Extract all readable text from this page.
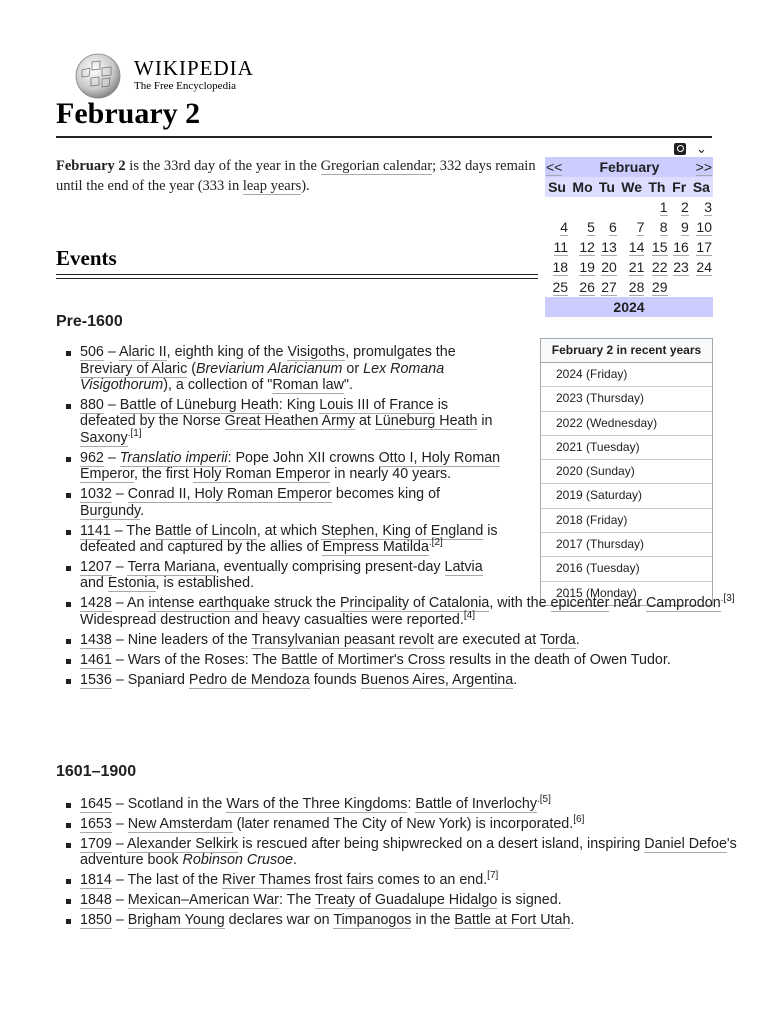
WIKIPEDIA
The Free Encyclopedia
February 2
⌄

February 2 is the 33rd day of the year in the Gregorian calendar; 332 days remain until the end of the year (333 in leap years).

<<	February					>>
Su	Mo	Tu	We	Th	Fr	Sa
				1	2	3
4	5	6	7	8	9	10
11	12	13	14	15	16	17
18	19	20	21	22	23	24
25	26	27	28	29		
2024						
February 2 in recent years
2024 (Friday)
2023 (Thursday)
2022 (Wednesday)
2021 (Tuesday)
2020 (Sunday)
2019 (Saturday)
2018 (Friday)
2017 (Thursday)
2016 (Tuesday)
2015 (Monday)
Events
Pre-1600
506 – Alaric II, eighth king of the Visigoths, promulgates the Breviary of Alaric (Breviarium Alaricianum or Lex Romana Visigothorum), a collection of "Roman law".
880 – Battle of Lüneburg Heath: King Louis III of France is defeated by the Norse Great Heathen Army at Lüneburg Heath in Saxony$^{.[1]}$
962 – Translatio imperii: Pope John XII crowns Otto I, Holy Roman Emperor, the first Holy Roman Emperor in nearly 40 years.
1032 – Conrad II, Holy Roman Emperor becomes king of Burgundy.
1141 – The Battle of Lincoln, at which Stephen, King of England is defeated and captured by the allies of Empress Matilda$^{.[2]}$
1207 – Terra Mariana, eventually comprising present-day Latvia and Estonia, is established.
1428 – An intense earthquake struck the Principality of Catalonia, with the epicenter near Camprodon$^{.[3]}$ Widespread destruction and heavy casualties were reported.[4]
1438 – Nine leaders of the Transylvanian peasant revolt are executed at Torda.
1461 – Wars of the Roses: The Battle of Mortimer's Cross results in the death of Owen Tudor.
1536 – Spaniard Pedro de Mendoza founds Buenos Aires, Argentina.
1601–1900
1645 – Scotland in the Wars of the Three Kingdoms: Battle of Inverlochy$^{.[5]}$
1653 – New Amsterdam (later renamed The City of New York) is incorporated.[6]
1709 – Alexander Selkirk is rescued after being shipwrecked on a desert island, inspiring Daniel Defoe's adventure book Robinson Crusoe.
1814 – The last of the River Thames frost fairs comes to an end.[7]
1848 – Mexican–American War: The Treaty of Guadalupe Hidalgo is signed.
1850 – Brigham Young declares war on Timpanogos in the Battle at Fort Utah.
